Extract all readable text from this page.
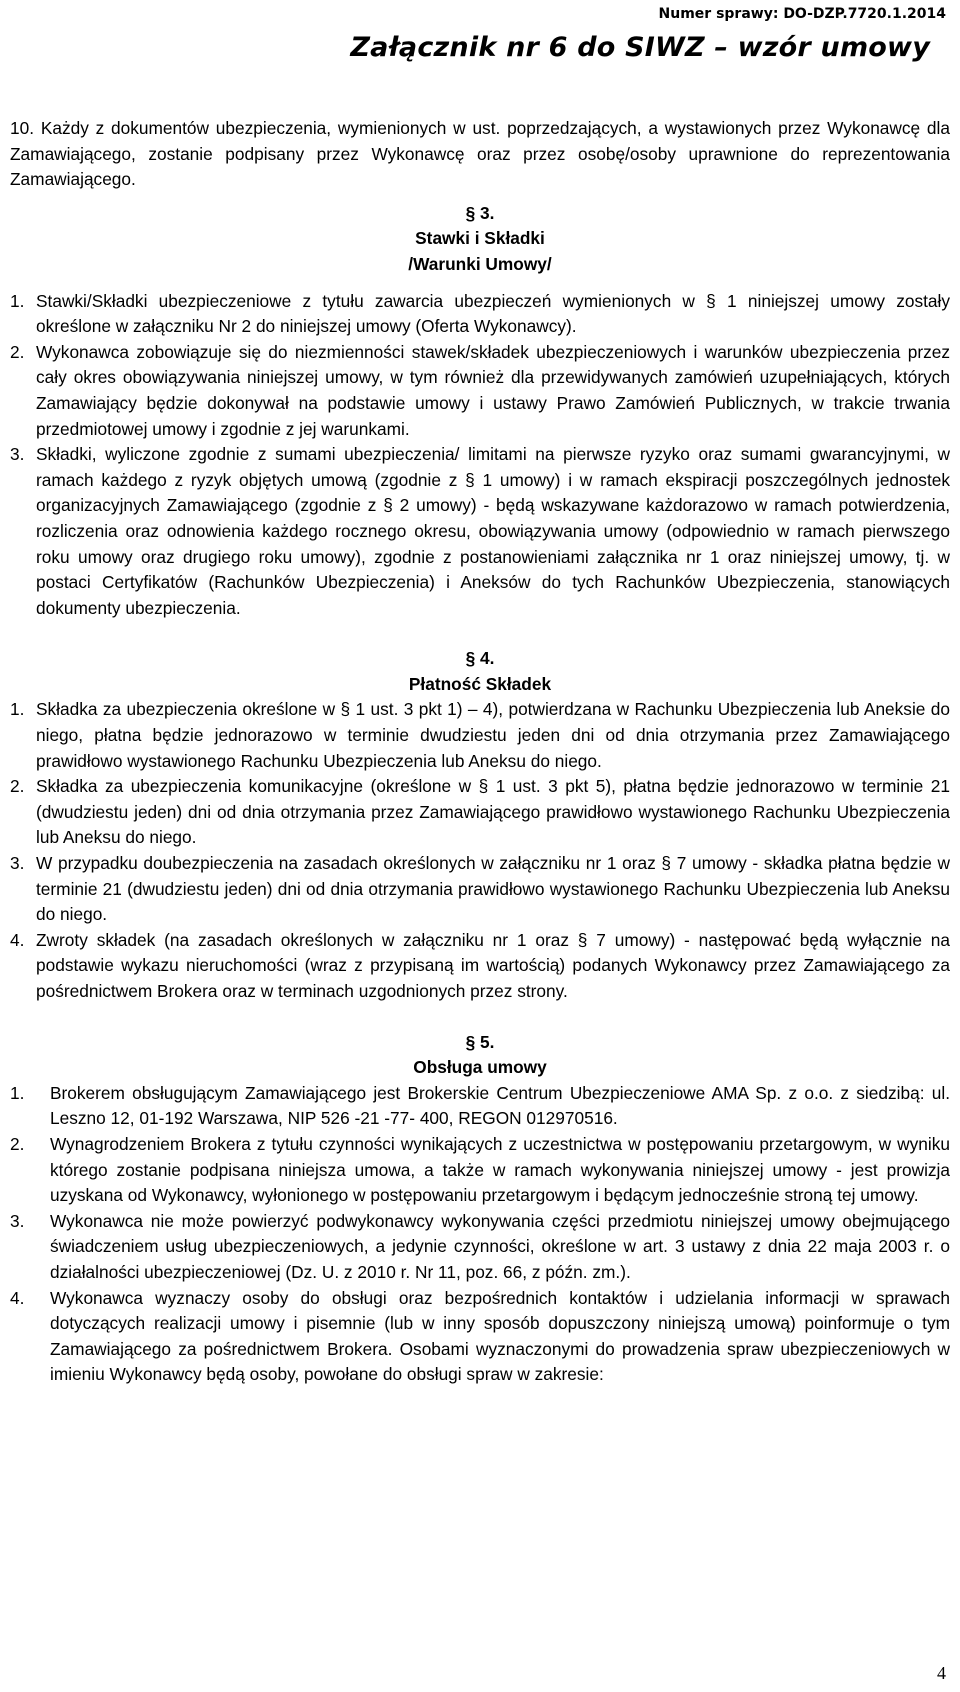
Numer sprawy: DO-DZP.7720.1.2014
Załącznik nr 6 do SIWZ – wzór umowy
10. Każdy z dokumentów ubezpieczenia, wymienionych w ust. poprzedzających, a wystawionych przez Wykonawcę dla Zamawiającego, zostanie podpisany przez Wykonawcę oraz przez osobę/osoby uprawnione do reprezentowania Zamawiającego.
§ 3.
Stawki i Składki
/Warunki Umowy/
1. Stawki/Składki ubezpieczeniowe z tytułu zawarcia ubezpieczeń wymienionych w § 1 niniejszej umowy zostały określone w załączniku Nr 2 do niniejszej umowy (Oferta Wykonawcy).
2. Wykonawca zobowiązuje się do niezmienności stawek/składek ubezpieczeniowych i warunków ubezpieczenia przez cały okres obowiązywania niniejszej umowy, w tym również dla przewidywanych zamówień uzupełniających, których Zamawiający będzie dokonywał na podstawie umowy i ustawy Prawo Zamówień Publicznych, w trakcie trwania przedmiotowej umowy i zgodnie z jej warunkami.
3. Składki, wyliczone zgodnie z sumami ubezpieczenia/ limitami na pierwsze ryzyko oraz sumami gwarancyjnymi, w ramach każdego z ryzyk objętych umową (zgodnie z § 1 umowy) i w ramach ekspiracji poszczególnych jednostek organizacyjnych Zamawiającego (zgodnie z § 2 umowy) - będą wskazywane każdorazowo w ramach potwierdzenia, rozliczenia oraz odnowienia każdego rocznego okresu, obowiązywania umowy (odpowiednio w ramach pierwszego roku umowy oraz drugiego roku umowy), zgodnie z postanowieniami załącznika nr 1 oraz niniejszej umowy, tj. w postaci Certyfikatów (Rachunków Ubezpieczenia) i Aneksów do tych Rachunków Ubezpieczenia, stanowiących dokumenty ubezpieczenia.
§ 4.
Płatność Składek
1. Składka za ubezpieczenia określone w § 1 ust. 3 pkt 1) – 4), potwierdzana w Rachunku Ubezpieczenia lub Aneksie do niego, płatna będzie jednorazowo w terminie dwudziestu jeden dni od dnia otrzymania przez Zamawiającego prawidłowo wystawionego Rachunku Ubezpieczenia lub Aneksu do niego.
2. Składka za ubezpieczenia komunikacyjne (określone w § 1 ust. 3 pkt 5), płatna będzie jednorazowo w terminie 21 (dwudziestu jeden) dni od dnia otrzymania przez Zamawiającego prawidłowo wystawionego Rachunku Ubezpieczenia lub Aneksu do niego.
3. W przypadku doubezpieczenia na zasadach określonych w załączniku nr 1 oraz § 7 umowy - składka płatna będzie w terminie 21 (dwudziestu jeden) dni od dnia otrzymania prawidłowo wystawionego Rachunku Ubezpieczenia lub Aneksu do niego.
4. Zwroty składek (na zasadach określonych w załączniku nr 1 oraz § 7 umowy) - następować będą wyłącznie na podstawie wykazu nieruchomości (wraz z przypisaną im wartością) podanych Wykonawcy przez Zamawiającego za pośrednictwem Brokera oraz w terminach uzgodnionych przez strony.
§ 5.
Obsługa umowy
1. Brokerem obsługującym Zamawiającego jest Brokerskie Centrum Ubezpieczeniowe AMA Sp. z o.o. z siedzibą: ul. Leszno 12, 01-192 Warszawa, NIP 526 -21 -77- 400, REGON 012970516.
2. Wynagrodzeniem Brokera z tytułu czynności wynikających z uczestnictwa w postępowaniu przetargowym, w wyniku którego zostanie podpisana niniejsza umowa, a także w ramach wykonywania niniejszej umowy - jest prowizja uzyskana od Wykonawcy, wyłonionego w postępowaniu przetargowym i będącym jednocześnie stroną tej umowy.
3. Wykonawca nie może powierzyć podwykonawcy wykonywania części przedmiotu niniejszej umowy obejmującego świadczeniem usług ubezpieczeniowych, a jedynie czynności, określone w art. 3 ustawy z dnia 22 maja 2003 r. o działalności ubezpieczeniowej (Dz. U. z 2010 r. Nr 11, poz. 66, z późn. zm.).
4. Wykonawca wyznaczy osoby do obsługi oraz bezpośrednich kontaktów i udzielania informacji w sprawach dotyczących realizacji umowy i pisemnie (lub w inny sposób dopuszczony niniejszą umową) poinformuje o tym Zamawiającego za pośrednictwem Brokera. Osobami wyznaczonymi do prowadzenia spraw ubezpieczeniowych w imieniu Wykonawcy będą osoby, powołane do obsługi spraw w zakresie:
4
